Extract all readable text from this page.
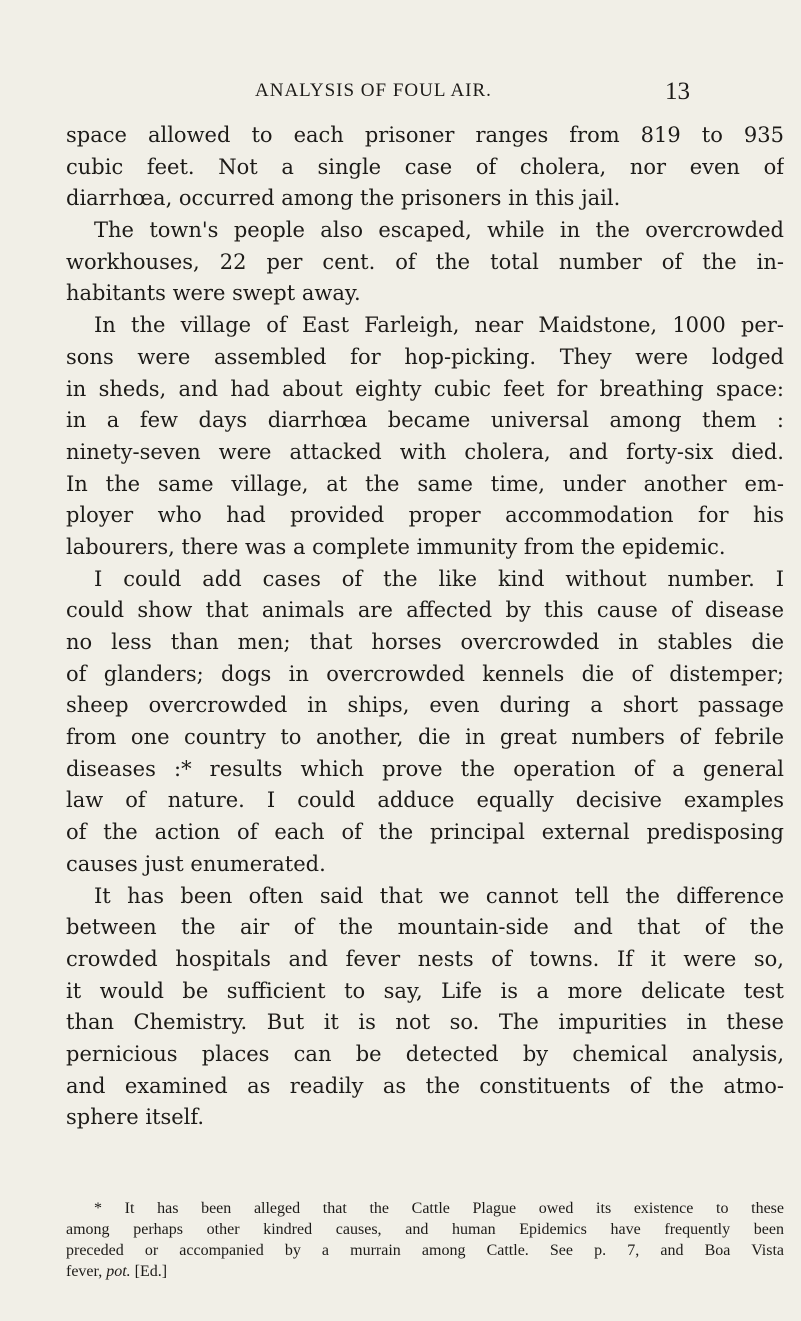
ANALYSIS OF FOUL AIR.	13
space allowed to each prisoner ranges from 819 to 935
cubic feet. Not a single case of cholera, nor even of
diarrhœa, occurred among the prisoners in this jail.
The town's people also escaped, while in the overcrowded
workhouses, 22 per cent. of the total number of the in-
habitants were swept away.
In the village of East Farleigh, near Maidstone, 1000 per-
sons were assembled for hop-picking. They were lodged
in sheds, and had about eighty cubic feet for breathing space:
in a few days diarrhœa became universal among them :
ninety-seven were attacked with cholera, and forty-six died.
In the same village, at the same time, under another em-
ployer who had provided proper accommodation for his
labourers, there was a complete immunity from the epidemic.
I could add cases of the like kind without number. I
could show that animals are affected by this cause of disease
no less than men; that horses overcrowded in stables die
of glanders; dogs in overcrowded kennels die of distemper;
sheep overcrowded in ships, even during a short passage
from one country to another, die in great numbers of febrile
diseases :* results which prove the operation of a general
law of nature. I could adduce equally decisive examples
of the action of each of the principal external predisposing
causes just enumerated.
It has been often said that we cannot tell the difference
between the air of the mountain-side and that of the
crowded hospitals and fever nests of towns. If it were so,
it would be sufficient to say, Life is a more delicate test
than Chemistry. But it is not so. The impurities in these
pernicious places can be detected by chemical analysis,
and examined as readily as the constituents of the atmo-
sphere itself.
* It has been alleged that the Cattle Plague owed its existence to these
among perhaps other kindred causes, and human Epidemics have frequently been
preceded or accompanied by a murrain among Cattle. See p. 7, and Boa Vista
fever, pot. [Ed.]
